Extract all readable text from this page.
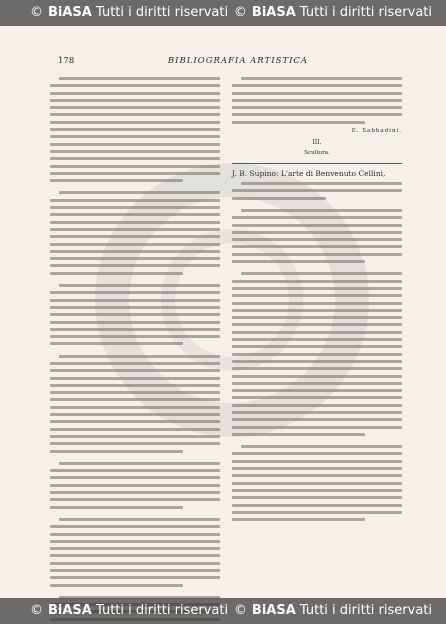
178	BIBLIOGRAFIA ARTISTICA
E. Sabbadini.
III.
Scultura.
J. B. Supino: L'arte di Benvenuto Cellini,
© BiASA Tutti i diritti riservati © BiASA Tutti i diritti riservati
© BiASA Tutti i diritti riservati © BiASA Tutti i diritti riservati
